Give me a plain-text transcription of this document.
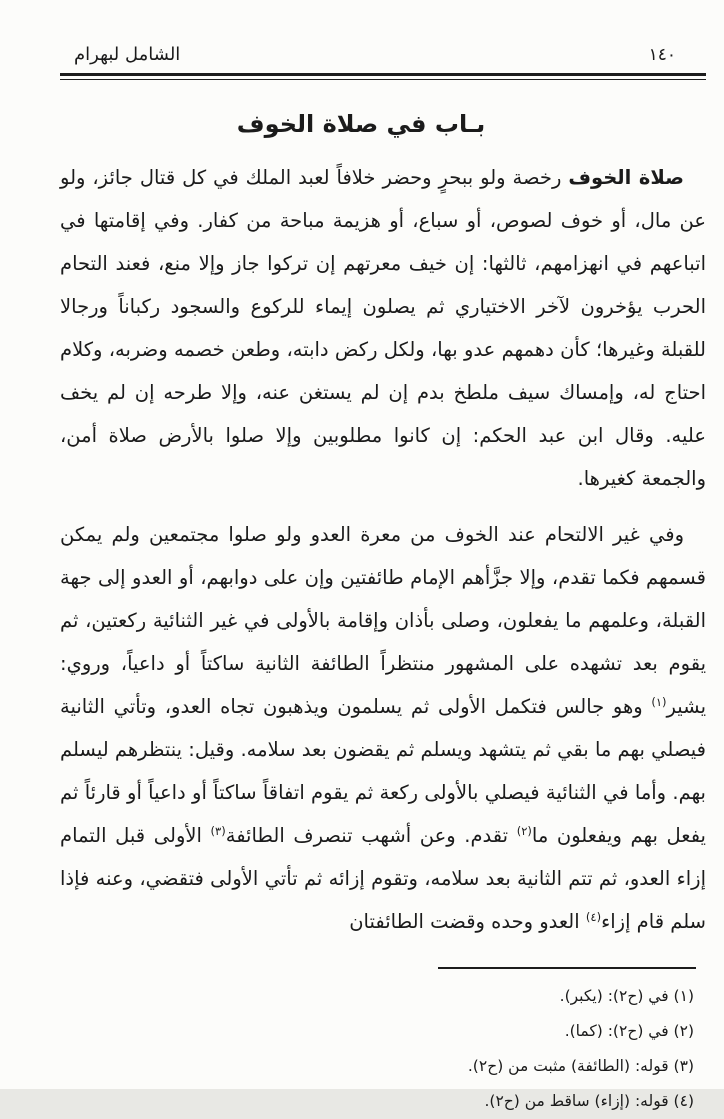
الشامل لبهرام	١٤٠
بـاب في صلاة الخوف

صلاة الخوف رخصة ولو ببحرٍ وحضر خلافاً لعبد الملك في كل قتال جائز، ولو عن مال، أو خوف لصوص، أو سباع، أو هزيمة مباحة من كفار. وفي إقامتها في اتباعهم في انهزامهم، ثالثها: إن خيف معرتهم إن تركوا جاز وإلا منع، فعند التحام الحرب يؤخرون لآخر الاختياري ثم يصلون إيماء للركوع والسجود ركباناً ورجالا للقبلة وغيرها؛ كأن دهمهم عدو بها، ولكل ركض دابته، وطعن خصمه وضربه، وكلام احتاج له، وإمساك سيف ملطخ بدم إن لم يستغن عنه، وإلا طرحه إن لم يخف عليه. وقال ابن عبد الحكم: إن كانوا مطلوبين وإلا صلوا بالأرض صلاة أمن، والجمعة كغيرها.

وفي غير الالتحام عند الخوف من معرة العدو ولو صلوا مجتمعين ولم يمكن قسمهم فكما تقدم، وإلا جزَّأهم الإمام طائفتين وإن على دوابهم، أو العدو إلى جهة القبلة، وعلمهم ما يفعلون، وصلى بأذان وإقامة بالأولى في غير الثنائية ركعتين، ثم يقوم بعد تشهده على المشهور منتظراً الطائفة الثانية ساكتاً أو داعياً، وروي: يشير$^{(١)}$ وهو جالس فتكمل الأولى ثم يسلمون ويذهبون تجاه العدو، وتأتي الثانية فيصلي بهم ما بقي ثم يتشهد ويسلم ثم يقضون بعد سلامه. وقيل: ينتظرهم ليسلم بهم. وأما في الثنائية فيصلي بالأولى ركعة ثم يقوم اتفاقاً ساكتاً أو داعياً أو قارئاً ثم يفعل بهم ويفعلون ما$^{(٢)}$ تقدم. وعن أشهب تنصرف الطائفة$^{(٣)}$ الأولى قبل التمام إزاء العدو، ثم تتم الثانية بعد سلامه، وتقوم إزائه ثم تأتي الأولى فتقضي، وعنه فإذا سلم قام إزاء$^{(٤)}$ العدو وحده وقضت الطائفتان

(١) في (ح٢): (يكبر).

(٢) في (ح٢): (كما).

(٣) قوله: (الطائفة) مثبت من (ح٢).

(٤) قوله: (إزاء) ساقط من (ح٢).
